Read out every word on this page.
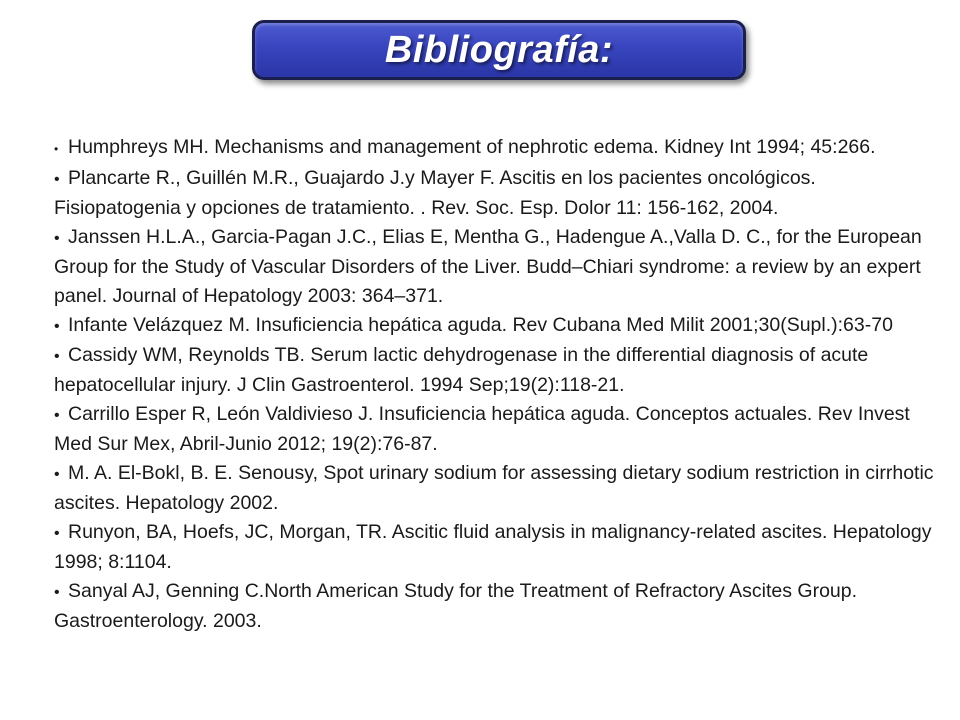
Bibliografía:
• Humphreys MH. Mechanisms and management of nephrotic edema. Kidney Int 1994; 45:266.
• Plancarte R., Guillén M.R., Guajardo J.y Mayer F. Ascitis en los pacientes oncológicos. Fisiopatogenia y opciones de tratamiento. . Rev. Soc. Esp. Dolor 11: 156-162, 2004.
• Janssen H.L.A., Garcia-Pagan J.C., Elias E, Mentha G., Hadengue A.,Valla D. C., for the European Group for the Study of Vascular Disorders of the Liver. Budd–Chiari syndrome: a review by an expert panel. Journal of Hepatology 2003: 364–371.
• Infante Velázquez M. Insuficiencia hepática aguda. Rev Cubana Med Milit 2001;30(Supl.):63-70
• Cassidy WM, Reynolds TB. Serum lactic dehydrogenase in the differential diagnosis of acute hepatocellular injury. J Clin Gastroenterol. 1994 Sep;19(2):118-21.
• Carrillo Esper R, León Valdivieso J. Insuficiencia hepática aguda. Conceptos actuales. Rev Invest Med Sur Mex, Abril-Junio 2012; 19(2):76-87.
• M. A. El-Bokl, B. E. Senousy, Spot urinary sodium for assessing dietary sodium restriction in cirrhotic ascites. Hepatology 2002.
• Runyon, BA, Hoefs, JC, Morgan, TR. Ascitic fluid analysis in malignancy-related ascites. Hepatology 1998; 8:1104.
• Sanyal AJ, Genning C.North American Study for the Treatment of Refractory Ascites Group. Gastroenterology. 2003.
